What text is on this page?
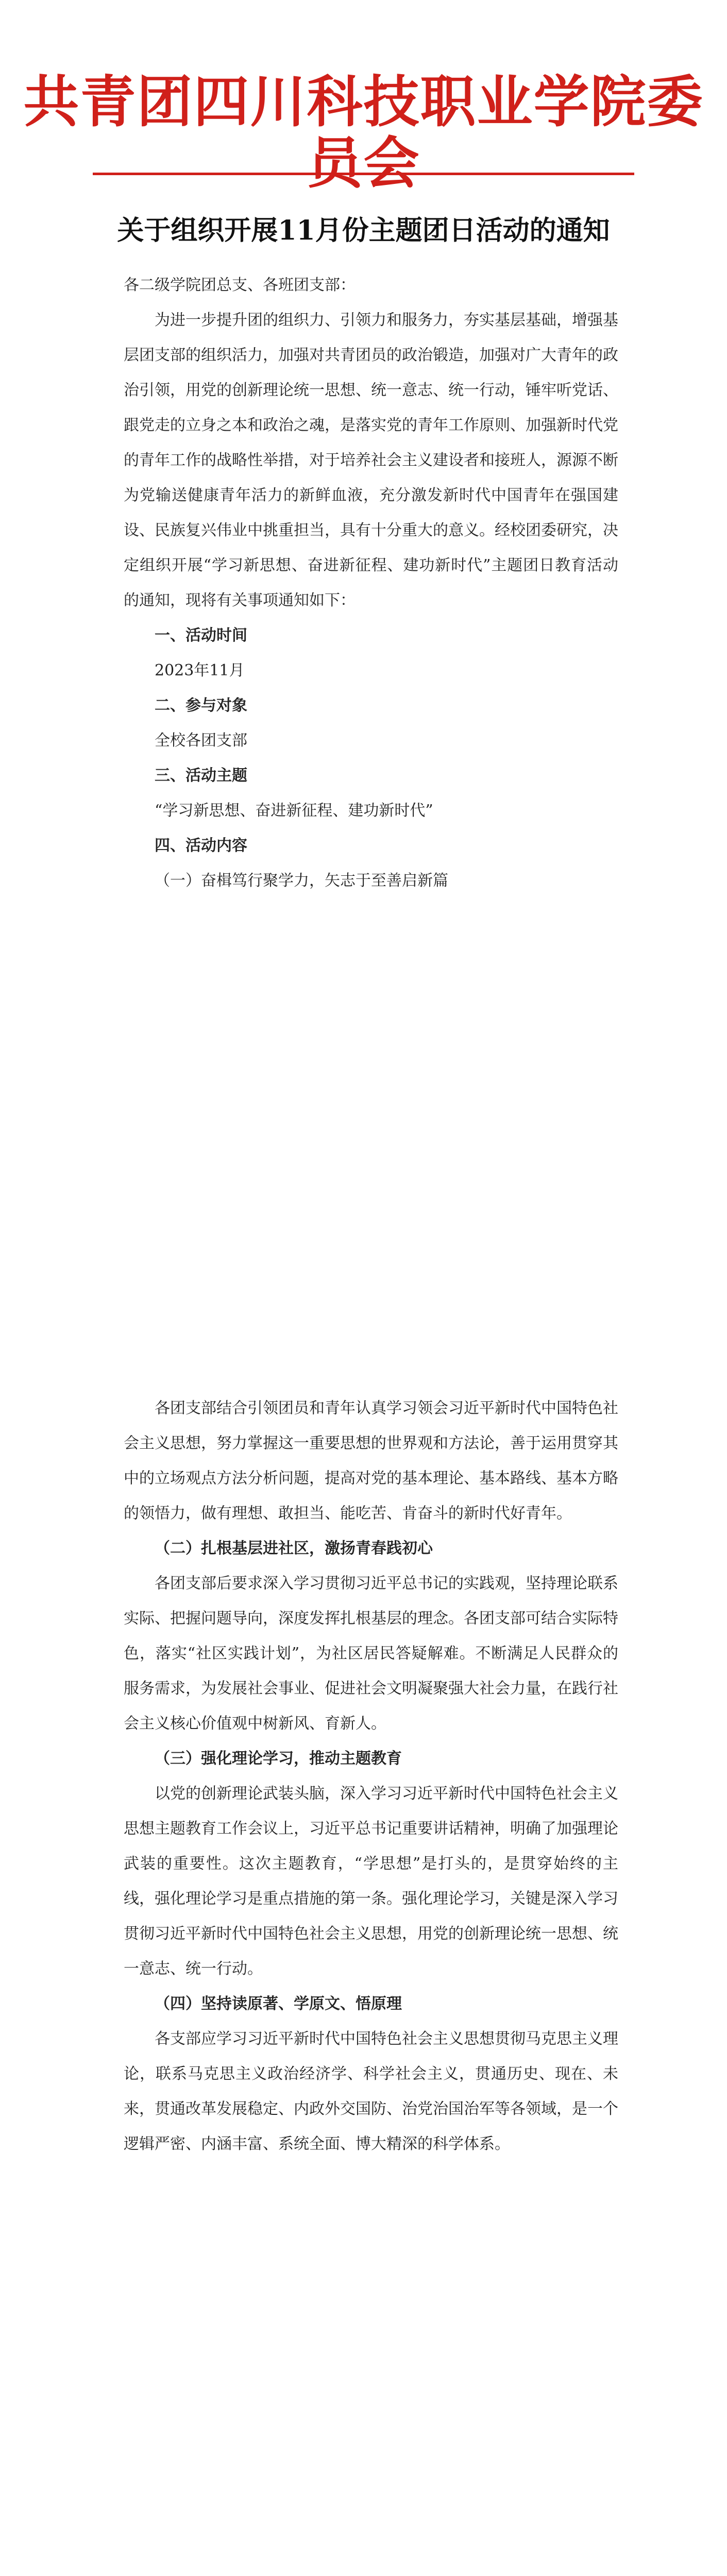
共青团四川科技职业学院委员会
关于组织开展11月份主题团日活动的通知

各二级学院团总支、各班团支部：

为进一步提升团的组织力、引领力和服务力，夯实基层基础，增强基层团支部的组织活力，加强对共青团员的政治锻造，加强对广大青年的政治引领，用党的创新理论统一思想、统一意志、统一行动，锤牢听党话、跟党走的立身之本和政治之魂，是落实党的青年工作原则、加强新时代党的青年工作的战略性举措，对于培养社会主义建设者和接班人，源源不断为党输送健康青年活力的新鲜血液，充分激发新时代中国青年在强国建设、民族复兴伟业中挑重担当，具有十分重大的意义。经校团委研究，决定组织开展“学习新思想、奋进新征程、建功新时代”主题团日教育活动的通知，现将有关事项通知如下：

一、活动时间

2023年11月

二、参与对象

全校各团支部

三、活动主题

“学习新思想、奋进新征程、建功新时代”

四、活动内容

（一）奋楫笃行聚学力，矢志于至善启新篇

各团支部结合引领团员和青年认真学习领会习近平新时代中国特色社会主义思想，努力掌握这一重要思想的世界观和方法论，善于运用贯穿其中的立场观点方法分析问题，提高对党的基本理论、基本路线、基本方略的领悟力，做有理想、敢担当、能吃苦、肯奋斗的新时代好青年。

（二）扎根基层进社区，激扬青春践初心

各团支部后要求深入学习贯彻习近平总书记的实践观，坚持理论联系实际、把握问题导向，深度发挥扎根基层的理念。各团支部可结合实际特色，落实“社区实践计划”，为社区居民答疑解难。不断满足人民群众的服务需求，为发展社会事业、促进社会文明凝聚强大社会力量，在践行社会主义核心价值观中树新风、育新人。

（三）强化理论学习，推动主题教育

以党的创新理论武装头脑，深入学习习近平新时代中国特色社会主义思想主题教育工作会议上，习近平总书记重要讲话精神，明确了加强理论武装的重要性。这次主题教育，“学思想”是打头的，是贯穿始终的主线，强化理论学习是重点措施的第一条。强化理论学习，关键是深入学习贯彻习近平新时代中国特色社会主义思想，用党的创新理论统一思想、统一意志、统一行动。

（四）坚持读原著、学原文、悟原理

各支部应学习习近平新时代中国特色社会主义思想贯彻马克思主义理论，联系马克思主义政治经济学、科学社会主义，贯通历史、现在、未来，贯通改革发展稳定、内政外交国防、治党治国治军等各领域，是一个逻辑严密、内涵丰富、系统全面、博大精深的科学体系。
